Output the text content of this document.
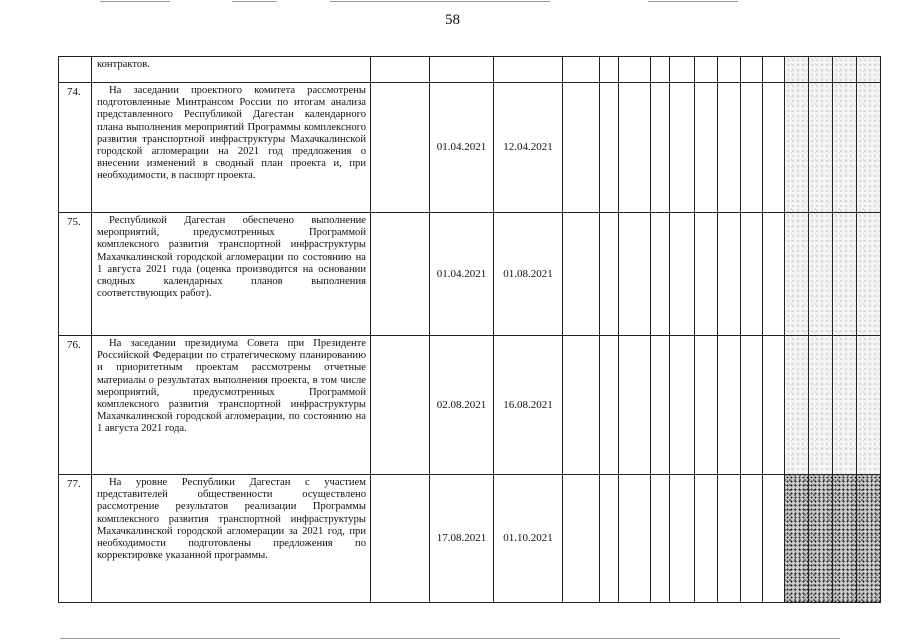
58

	контрактов.																

74.	На заседании проектного комитета рассмотрены подготовленные Минтрансом России по итогам анализа представленного Республикой Дагестан календарного плана выполнения мероприятий Программы комплексного развития транспортной инфраструктуры Махачкалинской городской агломерации на 2021 год предложения о внесении изменений в сводный план проекта и, при необходимости, в паспорт проекта.		01.04.2021	12.04.2021													
75.	Республикой Дагестан обеспечено выполнение мероприятий, предусмотренных Программой комплексного развития транспортной инфраструктуры Махачкалинской городской агломерации по состоянию на 1 августа 2021 года (оценка производится на основании сводных календарных планов выполнения соответствующих работ).		01.04.2021	01.08.2021													
76.	На заседании президиума Совета при Президенте Российской Федерации по стратегическому планированию и приоритетным проектам рассмотрены отчетные материалы о результатах выполнения проекта, в том числе мероприятий, предусмотренных Программой комплексного развития транспортной инфраструктуры Махачкалинской городской агломерации, по состоянию на 1 августа 2021 года.		02.08.2021	16.08.2021													
77.	На уровне Республики Дагестан с участием представителей общественности осуществлено рассмотрение результатов реализации Программы комплексного развития транспортной инфраструктуры Махачкалинской городской агломерации за 2021 год, при необходимости подготовлены предложения по корректировке указанной программы.		17.08.2021	01.10.2021													
